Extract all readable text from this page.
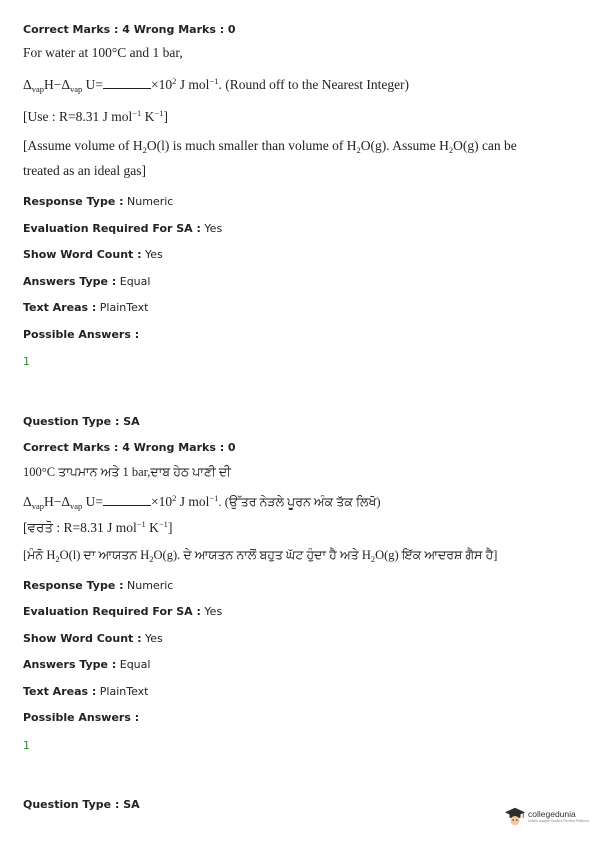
Correct Marks : 4 Wrong Marks : 0
For water at 100°C and 1 bar,
$\Delta_{vap}H-\Delta_{vap}$ U=	$\times 10^2$ J mol$^{-1}$. (Round off to the Nearest Integer)
[Use : R=8.31 J mol$^{-1}$ $K^{-1}$]
[Assume volume of $H_2O(l)$ is much smaller than volume of $H_2O(g)$. Assume $H_2O(g)$ can be
treated as an ideal gas]
Response Type : Numeric
Evaluation Required For SA : Yes
Show Word Count : Yes
Answers Type : Equal
Text Areas : PlainText
Possible Answers :
1
Question Type : SA
Correct Marks : 4 Wrong Marks : 0
100°C ਤਾਪਮਾਨ ਅਤੇ 1 bar,ਦਾਬ ਹੇਠ ਪਾਣੀ ਦੀ
$\Delta_{vap}H-\Delta_{vap}$ U=	$\times 10^2$ J mol$^{-1}$. (ਉੱਤਰ ਨੇੜਲੇ ਪੂਰਨ ਅੰਕ ਤੱਕ ਲਿਖੋ)
[ਵਰਤੋ : R=8.31 J mol$^{-1}$ $K^{-1}$]
[ਮੰਨੋ $H_2O(l)$ ਦਾ ਆਯਤਨ $H_2O(g)$. ਦੇ ਆਯਤਨ ਨਾਲੋਂ ਬਹੁਤ ਘੱਟ ਹੁੰਦਾ ਹੈ ਅਤੇ $H_2O(g)$ ਇੱਕ ਆਦਰਸ਼ ਗੈਸ ਹੈ]
Response Type : Numeric
Evaluation Required For SA : Yes
Show Word Count : Yes
Answers Type : Equal
Text Areas : PlainText
Possible Answers :
1
Question Type : SA
collegedunia
India's largest Student Review Platform
